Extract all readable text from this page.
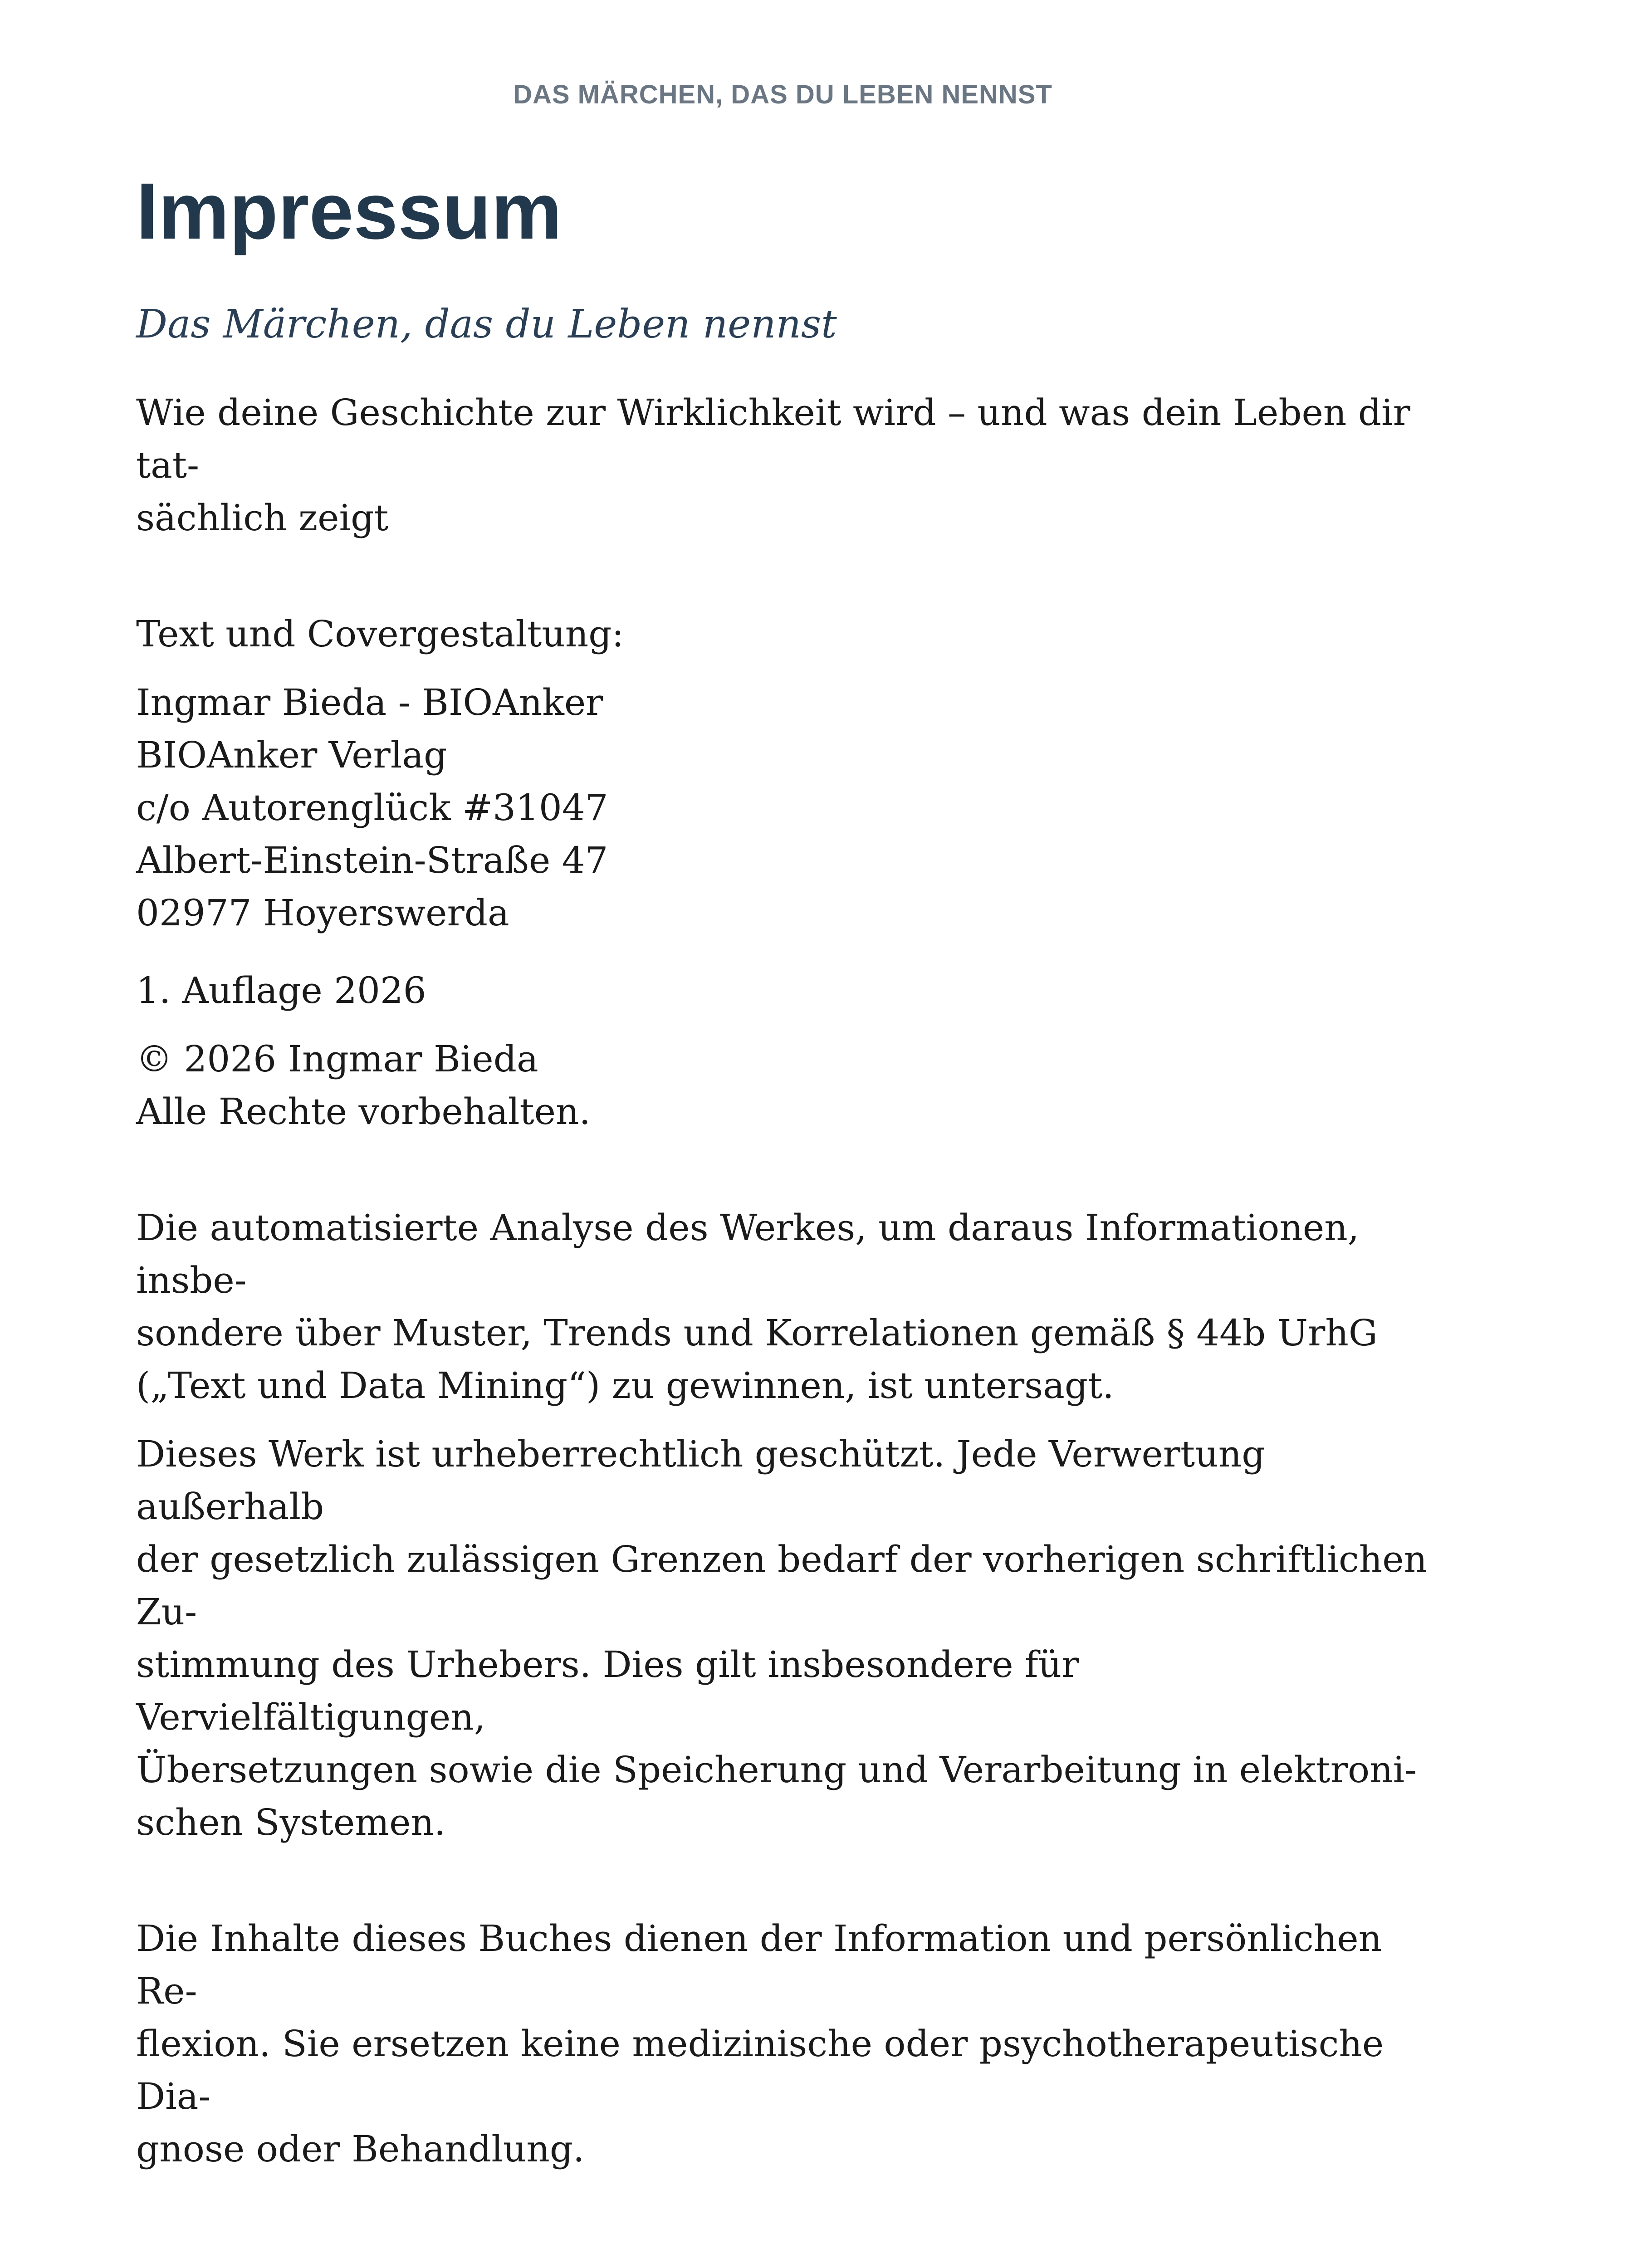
DAS MÄRCHEN, DAS DU LEBEN NENNST
Impressum
Das Märchen, das du Leben nennst
Wie deine Geschichte zur Wirklichkeit wird – und was dein Leben dir tat-
sächlich zeigt
Text und Covergestaltung:
Ingmar Bieda - BIOAnker
BIOAnker Verlag
c/o Autorenglück #31047
Albert-Einstein-Straße 47
02977 Hoyerswerda
1. Auflage 2026
© 2026 Ingmar Bieda
Alle Rechte vorbehalten.
Die automatisierte Analyse des Werkes, um daraus Informationen, insbe-
sondere über Muster, Trends und Korrelationen gemäß § 44b UrhG
(„Text und Data Mining“) zu gewinnen, ist untersagt.
Dieses Werk ist urheberrechtlich geschützt. Jede Verwertung außerhalb
der gesetzlich zulässigen Grenzen bedarf der vorherigen schriftlichen Zu-
stimmung des Urhebers. Dies gilt insbesondere für Vervielfältigungen,
Übersetzungen sowie die Speicherung und Verarbeitung in elektroni-
schen Systemen.
Die Inhalte dieses Buches dienen der Information und persönlichen Re-
flexion. Sie ersetzen keine medizinische oder psychotherapeutische Dia-
gnose oder Behandlung.
